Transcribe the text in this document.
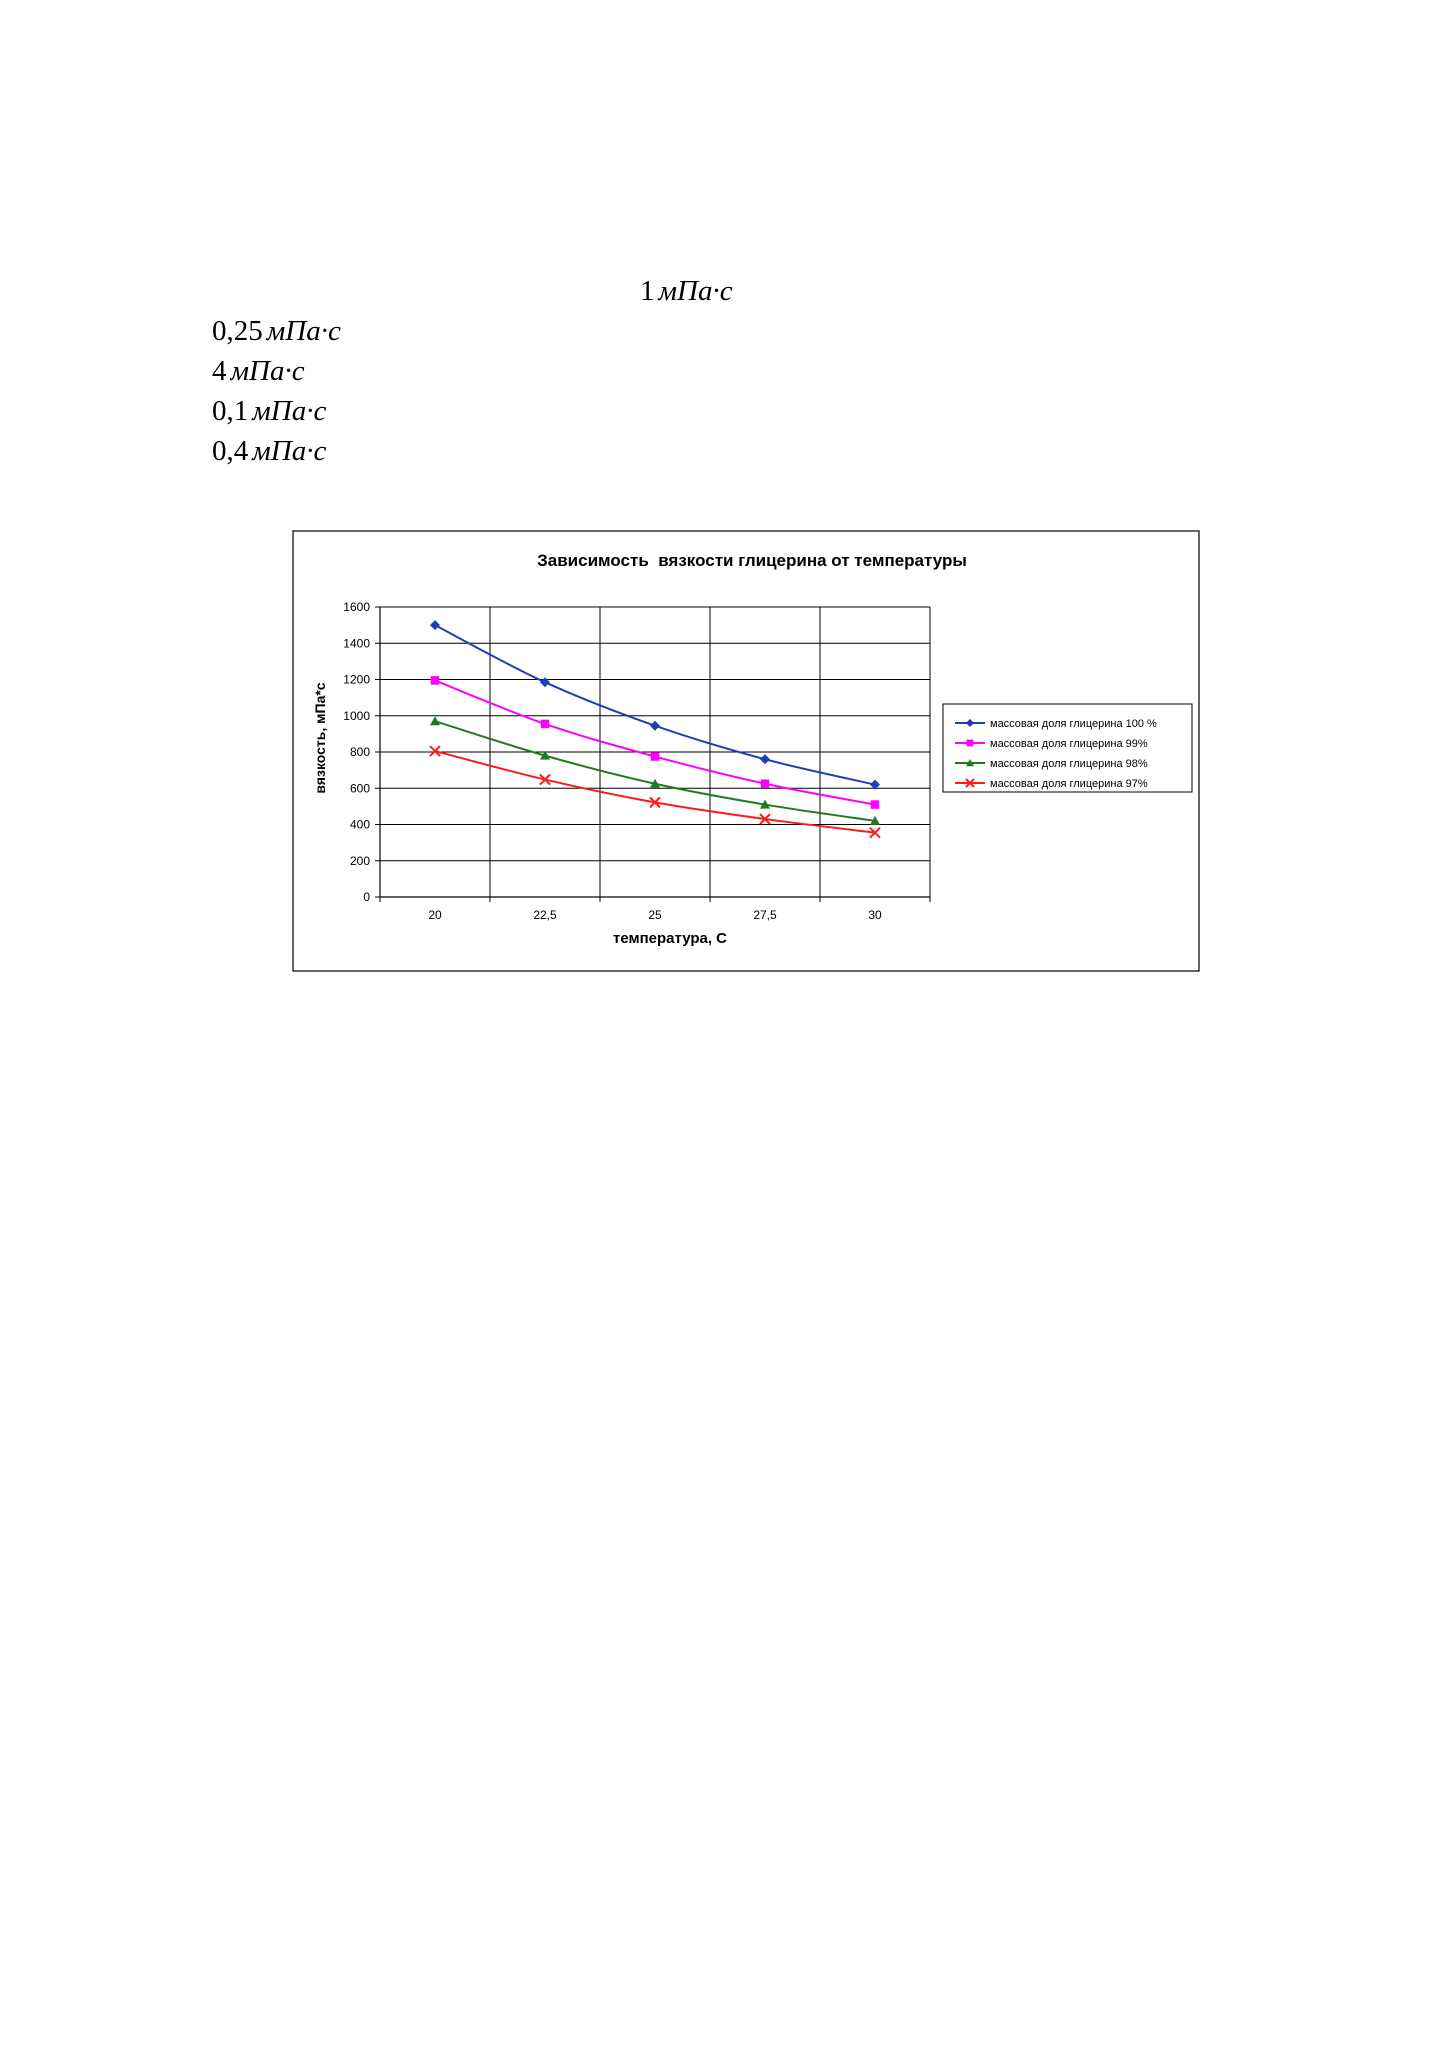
1 мПа·с
0,25 мПа·с
4 мПа·с
0,1 мПа·с
0,4 мПа·с
Зависимость  вязкости глицерина от температуры
0
200
400
600
800
1000
1200
1400
1600
20	22,5	25	27,5	30
вязкость, мПа*с
температура, С
массовая доля глицерина 100 %
массовая доля глицерина 99%
массовая доля глицерина 98%
массовая доля глицерина 97%
